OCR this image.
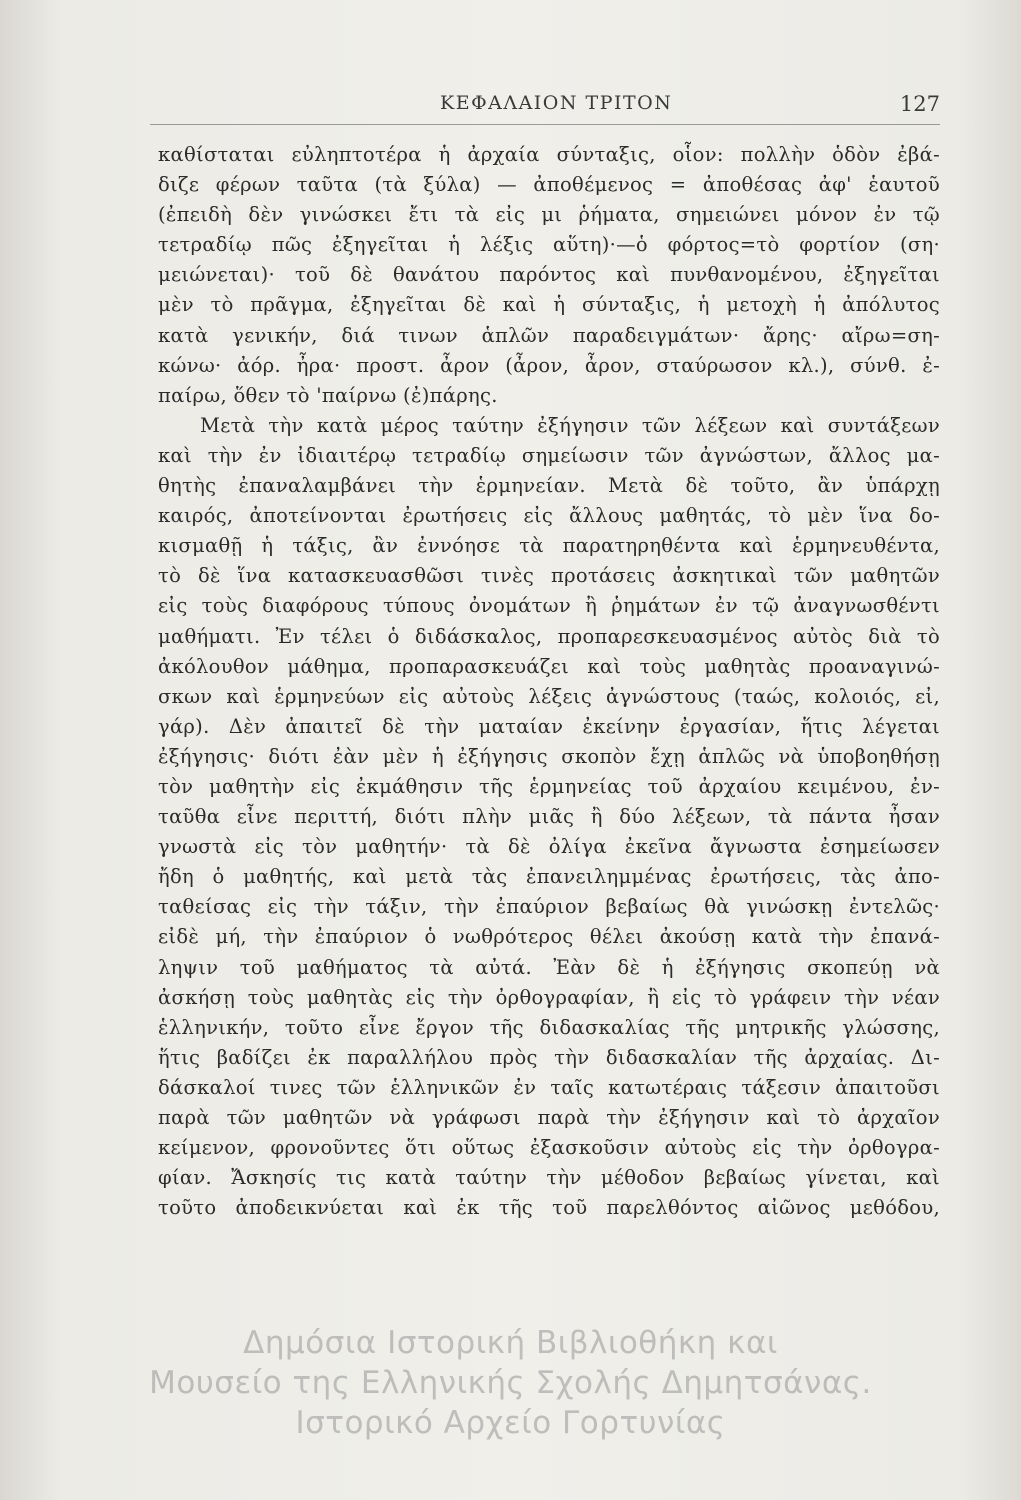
ΚΕΦΑΛΑΙΟΝ ΤΡΙΤΟΝ	127
καθίσταται εὐληπτοτέρα ἡ ἀρχαία σύνταξις, οἷον: πολλὴν ὁδὸν ἐβά-
διζε φέρων ταῦτα (τὰ ξύλα) — ἀποθέμενος = ἀποθέσας ἀφ' ἑαυτοῦ
(ἐπειδὴ δὲν γινώσκει ἔτι τὰ εἰς μι ῥήματα, σημειώνει μόνον ἐν τῷ
τετραδίῳ πῶς ἐξηγεῖται ἡ λέξις αὕτη)·—ὁ φόρτος=τὸ φορτίον (ση·
μειώνεται)· τοῦ δὲ θανάτου παρόντος καὶ πυνθανομένου, ἐξηγεῖται
μὲν τὸ πρᾶγμα, ἐξηγεῖται δὲ καὶ ἡ σύνταξις, ἡ μετοχὴ ἡ ἀπόλυτος
κατὰ γενικήν, διά τινων ἁπλῶν παραδειγμάτων· ἄρης· αἴρω=ση-
κώνω· ἀόρ. ἦρα· προστ. ἆρον (ἆρον, ἆρον, σταύρωσον κλ.), σύνθ. ἐ-
παίρω, ὅθεν τὸ 'παίρνω (ἐ)πάρης.
Μετὰ τὴν κατὰ μέρος ταύτην ἐξήγησιν τῶν λέξεων καὶ συντάξεων
καὶ τὴν ἐν ἰδιαιτέρῳ τετραδίῳ σημείωσιν τῶν ἀγνώστων, ἄλλος μα-
θητὴς ἐπαναλαμβάνει τὴν ἑρμηνείαν. Μετὰ δὲ τοῦτο, ἂν ὑπάρχῃ
καιρός, ἀποτείνονται ἐρωτήσεις εἰς ἄλλους μαθητάς, τὸ μὲν ἵνα δο-
κισμαθῇ ἡ τάξις, ἂν ἐννόησε τὰ παρατηρηθέντα καὶ ἑρμηνευθέντα,
τὸ δὲ ἵνα κατασκευασθῶσι τινὲς προτάσεις ἀσκητικαὶ τῶν μαθητῶν
εἰς τοὺς διαφόρους τύπους ὀνομάτων ἢ ῥημάτων ἐν τῷ ἀναγνωσθέντι
μαθήματι. Ἐν τέλει ὁ διδάσκαλος, προπαρεσκευασμένος αὐτὸς διὰ τὸ
ἀκόλουθον μάθημα, προπαρασκευάζει καὶ τοὺς μαθητὰς προαναγινώ-
σκων καὶ ἑρμηνεύων εἰς αὐτοὺς λέξεις ἀγνώστους (ταώς, κολοιός, εἰ,
γάρ). Δὲν ἀπαιτεῖ δὲ τὴν ματαίαν ἐκείνην ἐργασίαν, ἥτις λέγεται
ἐξήγησις· διότι ἐὰν μὲν ἡ ἐξήγησις σκοπὸν ἔχῃ ἁπλῶς νὰ ὑποβοηθήσῃ
τὸν μαθητὴν εἰς ἐκμάθησιν τῆς ἑρμηνείας τοῦ ἀρχαίου κειμένου, ἐν-
ταῦθα εἶνε περιττή, διότι πλὴν μιᾶς ἢ δύο λέξεων, τὰ πάντα ἦσαν
γνωστὰ εἰς τὸν μαθητήν· τὰ δὲ ὀλίγα ἐκεῖνα ἄγνωστα ἐσημείωσεν
ἤδη ὁ μαθητής, καὶ μετὰ τὰς ἐπανειλημμένας ἐρωτήσεις, τὰς ἀπο-
ταθείσας εἰς τὴν τάξιν, τὴν ἐπαύριον βεβαίως θὰ γινώσκῃ ἐντελῶς·
εἰδὲ μή, τὴν ἐπαύριον ὁ νωθρότερος θέλει ἀκούσῃ κατὰ τὴν ἐπανά-
ληψιν τοῦ μαθήματος τὰ αὐτά. Ἐὰν δὲ ἡ ἐξήγησις σκοπεύῃ νὰ
ἀσκήσῃ τοὺς μαθητὰς εἰς τὴν ὀρθογραφίαν, ἢ εἰς τὸ γράφειν τὴν νέαν
ἑλληνικήν, τοῦτο εἶνε ἔργον τῆς διδασκαλίας τῆς μητρικῆς γλώσσης,
ἥτις βαδίζει ἐκ παραλλήλου πρὸς τὴν διδασκαλίαν τῆς ἀρχαίας. Δι-
δάσκαλοί τινες τῶν ἑλληνικῶν ἐν ταῖς κατωτέραις τάξεσιν ἀπαιτοῦσι
παρὰ τῶν μαθητῶν νὰ γράφωσι παρὰ τὴν ἐξήγησιν καὶ τὸ ἀρχαῖον
κείμενον, φρονοῦντες ὅτι οὕτως ἐξασκοῦσιν αὐτοὺς εἰς τὴν ὀρθογρα-
φίαν. Ἄσκησίς τις κατὰ ταύτην τὴν μέθοδον βεβαίως γίνεται, καὶ
τοῦτο ἀποδεικνύεται καὶ ἐκ τῆς τοῦ παρελθόντος αἰῶνος μεθόδου,
Δημόσια Ιστορική Βιβλιοθήκη και
Μουσείο της Ελληνικής Σχολής Δημητσάνας.
Ιστορικό Αρχείο Γορτυνίας
